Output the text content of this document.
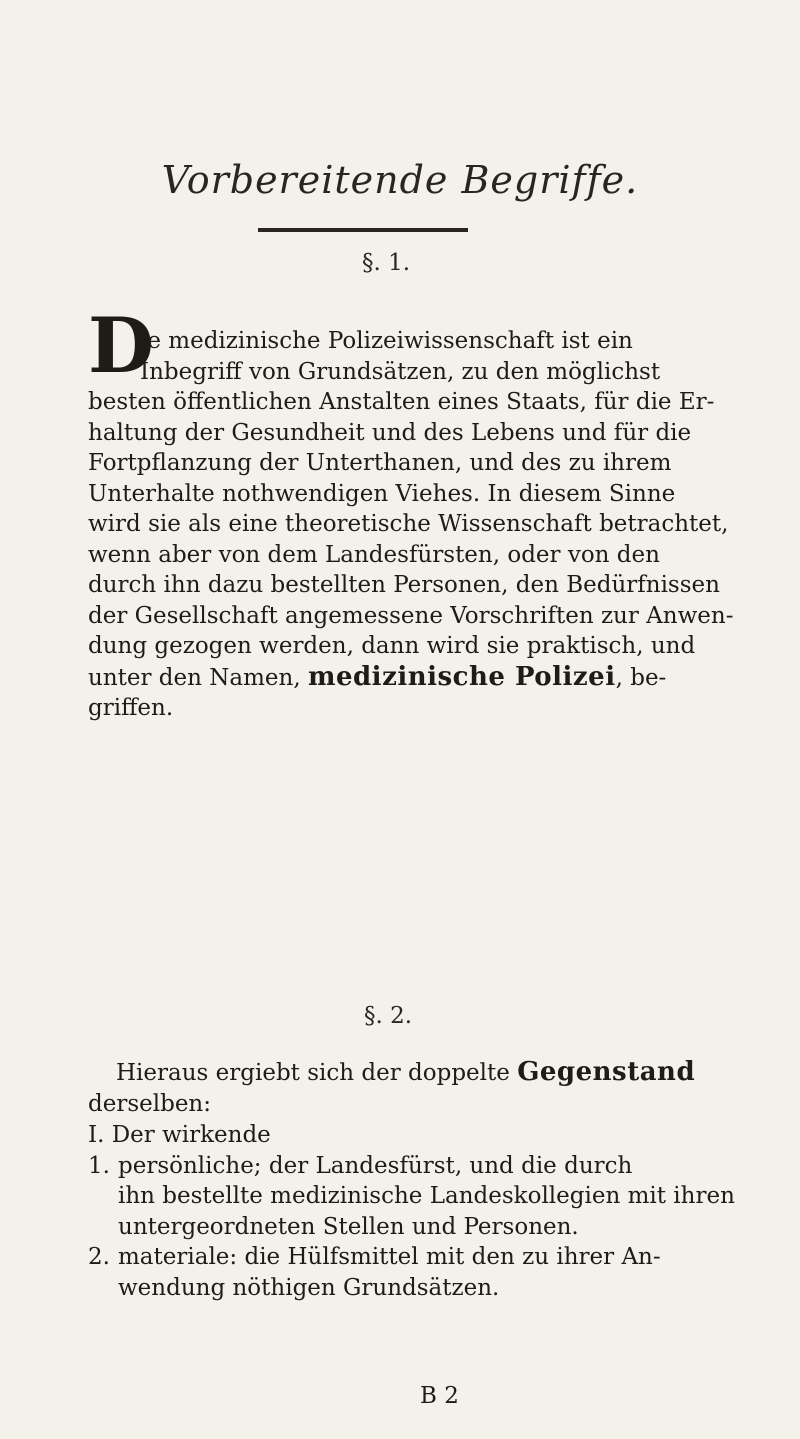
Vorbereitende Begriffe.
§. 1.
D
ie medizinische Polizeiwissenschaft ist ein
Inbegriff von Grundsätzen, zu den möglichst
besten öffentlichen Anstalten eines Staats, für die Er-
haltung der Gesundheit und des Lebens und für die
Fortpflanzung der Unterthanen, und des zu ihrem
Unterhalte nothwendigen Viehes. In diesem Sinne
wird sie als eine theoretische Wissenschaft betrachtet,
wenn aber von dem Landesfürsten, oder von den
durch ihn dazu bestellten Personen, den Bedürfnissen
der Gesellschaft angemessene Vorschriften zur Anwen-
dung gezogen werden, dann wird sie praktisch, und
unter den Namen, medizinische Polizei, be-
griffen.
§. 2.
Hieraus ergiebt sich der doppelte Gegenstand
derselben:
I. Der wirkende
1. persönliche; der Landesfürst, und die durch
ihn bestellte medizinische Landeskollegien mit ihren
untergeordneten Stellen und Personen.
2. materiale: die Hülfsmittel mit den zu ihrer An-
wendung nöthigen Grundsätzen.
B 2
